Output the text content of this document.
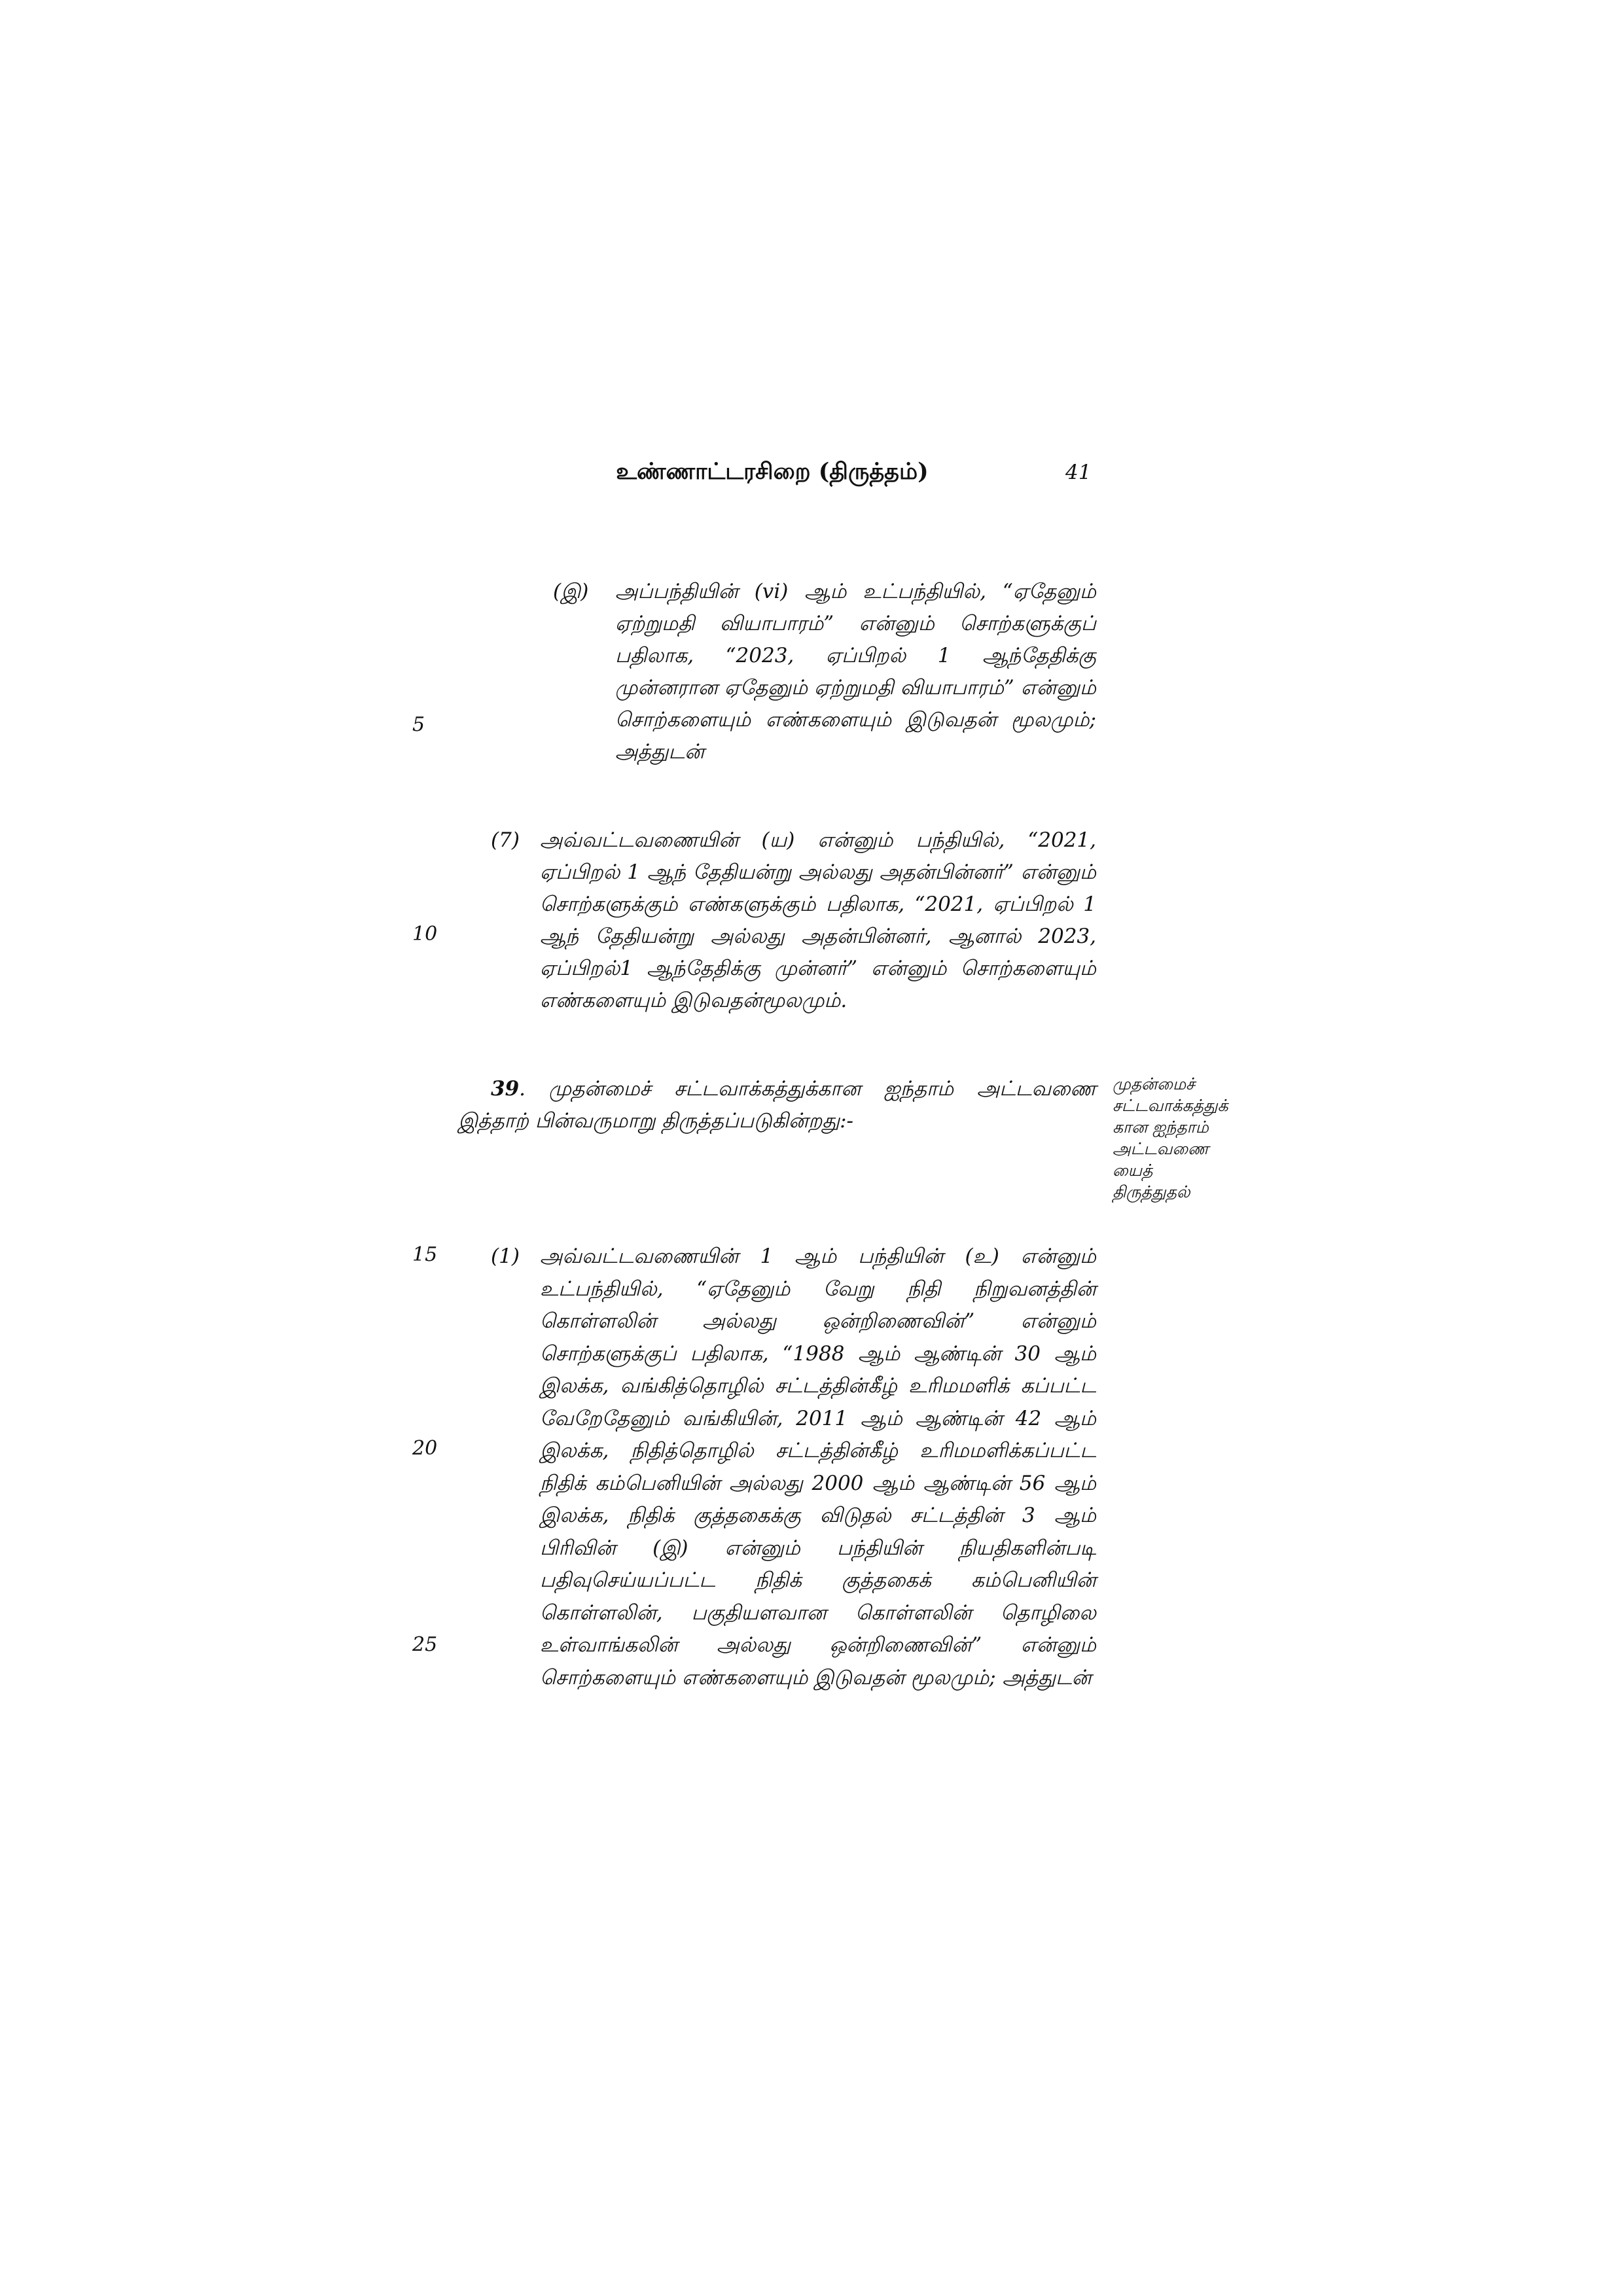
உண்ணாட்டரசிறை (திருத்தம்)	41
5
10
15
20
25
(இ) அப்பந்தியின் (vi) ஆம் உட்பந்தியில், “ஏதேனும் ஏற்றுமதி வியாபாரம்” என்னும் சொற்களுக்குப் பதிலாக, “2023, ஏப்பிறல் 1 ஆந்தேதிக்கு முன்னரான ஏதேனும் ஏற்றுமதி வியாபாரம்” என்னும் சொற்களையும் எண்களையும் இடுவதன் மூலமும்; அத்துடன்
(7) அவ்வட்டவணையின் (ய) என்னும் பந்தியில், “2021, ஏப்பிறல் 1 ஆந் தேதியன்று அல்லது அதன்பின்னர்” என்னும் சொற்களுக்கும் எண்களுக்கும் பதிலாக, “2021, ஏப்பிறல் 1 ஆந் தேதியன்று அல்லது அதன்பின்னர், ஆனால் 2023, ஏப்பிறல்1 ஆந்தேதிக்கு முன்னர்” என்னும் சொற்களையும் எண்களையும் இடுவதன்மூலமும்.
39. முதன்மைச் சட்டவாக்கத்துக்கான ஐந்தாம் அட்டவணை இத்தாற் பின்வருமாறு திருத்தப்படுகின்றது:-
முதன்மைச்
சட்டவாக்கத்துக்
கான ஐந்தாம்
அட்டவணை
யைத்
திருத்துதல்
(1) அவ்வட்டவணையின் 1 ஆம் பந்தியின் (உ) என்னும் உட்பந்தியில், “ஏதேனும் வேறு நிதி நிறுவனத்தின் கொள்ளலின் அல்லது ஒன்றிணைவின்” என்னும் சொற்களுக்குப் பதிலாக, “1988 ஆம் ஆண்டின் 30 ஆம் இலக்க, வங்கித்தொழில் சட்டத்தின்கீழ் உரிமமளிக் கப்பட்ட வேறேதேனும் வங்கியின், 2011 ஆம் ஆண்டின் 42 ஆம் இலக்க, நிதித்தொழில் சட்டத்தின்கீழ் உரிமமளிக்கப்பட்ட நிதிக் கம்பெனியின் அல்லது 2000 ஆம் ஆண்டின் 56 ஆம் இலக்க, நிதிக் குத்தகைக்கு விடுதல் சட்டத்தின் 3 ஆம் பிரிவின் (இ) என்னும் பந்தியின் நியதிகளின்படி பதிவுசெய்யப்பட்ட நிதிக் குத்தகைக் கம்பெனியின் கொள்ளலின், பகுதியளவான கொள்ளலின் தொழிலை உள்வாங்கலின் அல்லது ஒன்றிணைவின்” என்னும் சொற்களையும் எண்களையும் இடுவதன் மூலமும்; அத்துடன்
